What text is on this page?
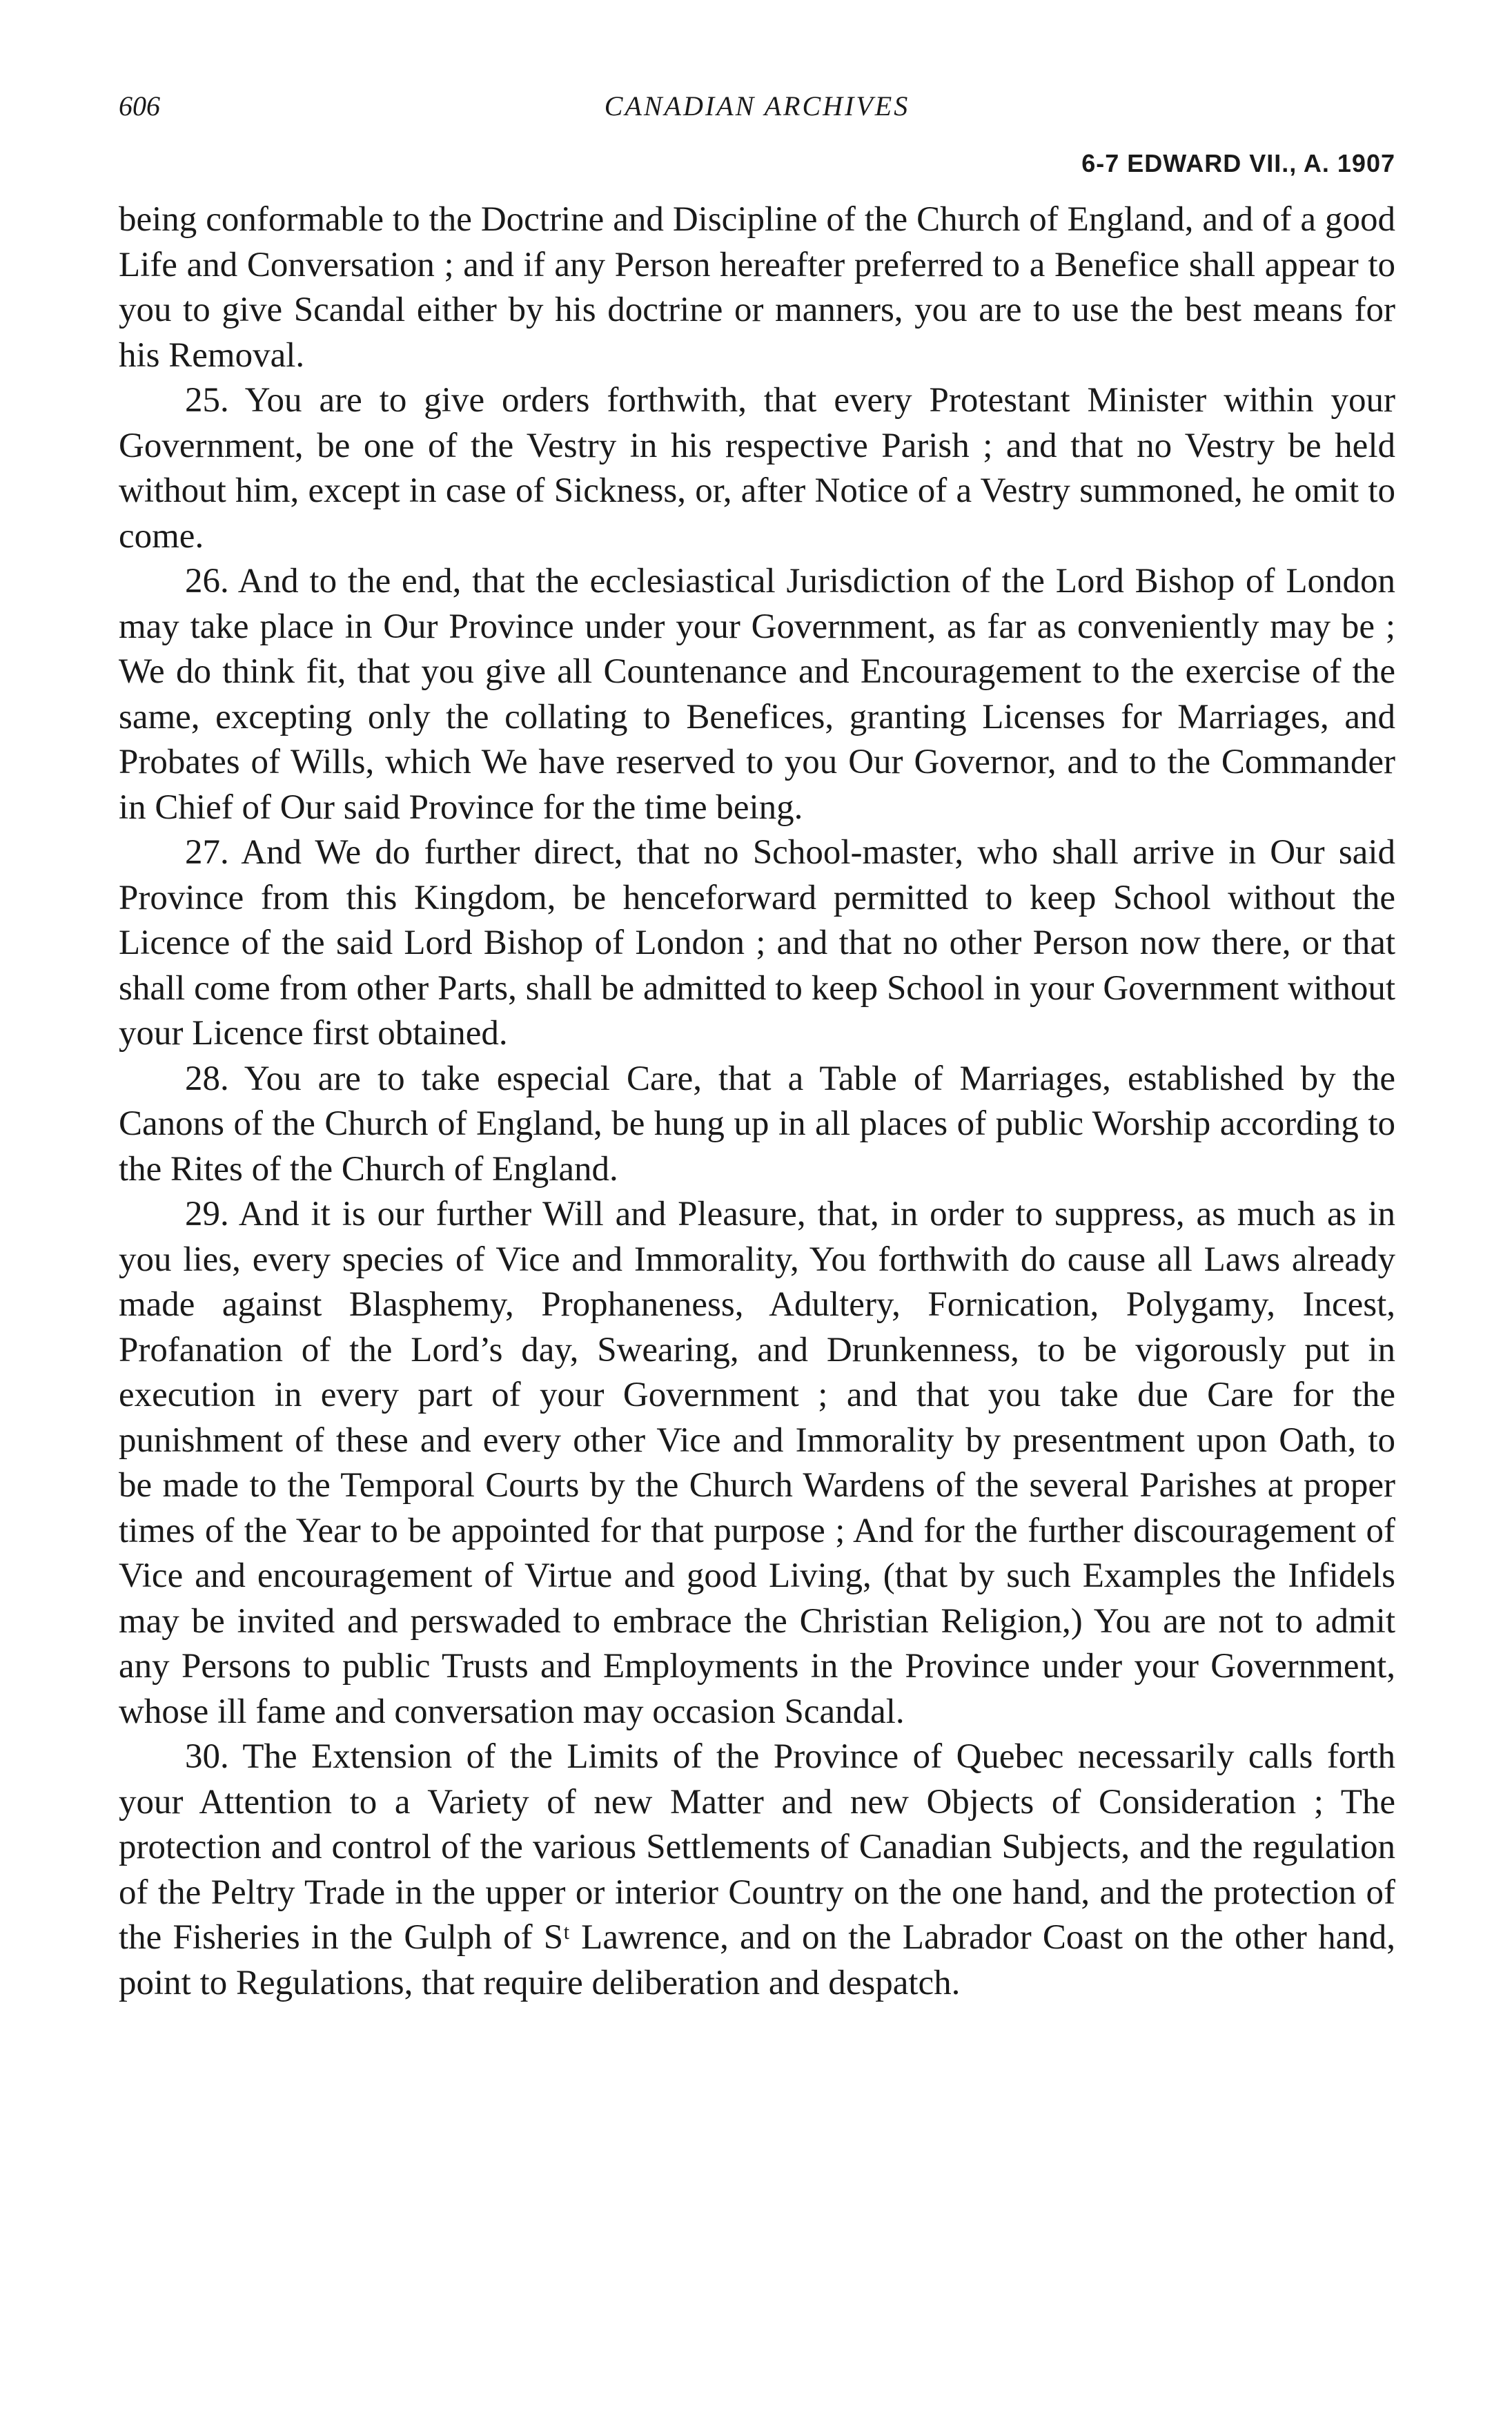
606	CANADIAN ARCHIVES
6-7 EDWARD VII., A. 1907

being conformable to the Doctrine and Discipline of the Church of England, and of a good Life and Conversation ; and if any Person hereafter preferred to a Benefice shall appear to you to give Scandal either by his doctrine or manners, you are to use the best means for his Removal.

25. You are to give orders forthwith, that every Protestant Minister within your Government, be one of the Vestry in his respective Parish ; and that no Vestry be held without him, except in case of Sickness, or, after Notice of a Vestry summoned, he omit to come.

26. And to the end, that the ecclesiastical Jurisdiction of the Lord Bishop of London may take place in Our Province under your Government, as far as conveniently may be ; We do think fit, that you give all Countenance and Encouragement to the exercise of the same, excepting only the collating to Benefices, granting Licenses for Marriages, and Probates of Wills, which We have reserved to you Our Governor, and to the Commander in Chief of Our said Province for the time being.

27. And We do further direct, that no School-master, who shall arrive in Our said Province from this Kingdom, be henceforward permitted to keep School without the Licence of the said Lord Bishop of London ; and that no other Person now there, or that shall come from other Parts, shall be admitted to keep School in your Government without your Licence first obtained.

28. You are to take especial Care, that a Table of Marriages, established by the Canons of the Church of England, be hung up in all places of public Worship according to the Rites of the Church of England.

29. And it is our further Will and Pleasure, that, in order to suppress, as much as in you lies, every species of Vice and Immorality, You forthwith do cause all Laws already made against Blasphemy, Prophaneness, Adultery, Fornication, Polygamy, Incest, Profanation of the Lord’s day, Swearing, and Drunkenness, to be vigorously put in execution in every part of your Government ; and that you take due Care for the punishment of these and every other Vice and Immorality by presentment upon Oath, to be made to the Temporal Courts by the Church Wardens of the several Parishes at proper times of the Year to be appointed for that purpose ; And for the further discouragement of Vice and encouragement of Virtue and good Living, (that by such Examples the Infidels may be invited and perswaded to embrace the Christian Religion,) You are not to admit any Persons to public Trusts and Employments in the Province under your Government, whose ill fame and conversation may occasion Scandal.

30. The Extension of the Limits of the Province of Quebec necessarily calls forth your Attention to a Variety of new Matter and new Objects of Consideration ; The protection and control of the various Settlements of Canadian Subjects, and the regulation of the Peltry Trade in the upper or interior Country on the one hand, and the protection of the Fisheries in the Gulph of Sᵗ Lawrence, and on the Labrador Coast on the other hand, point to Regulations, that require deliberation and despatch.
